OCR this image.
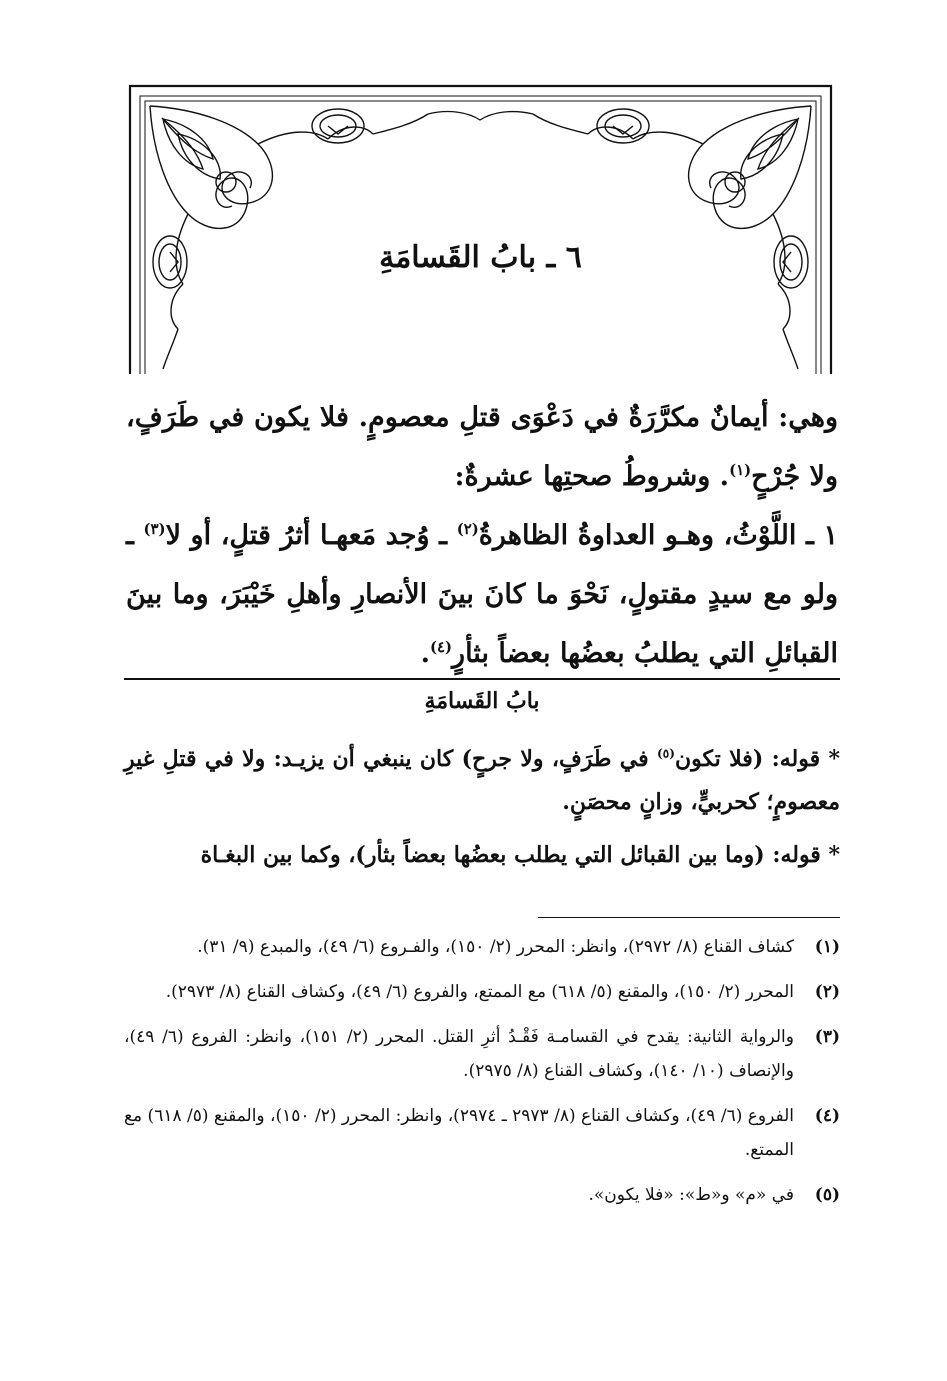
٦ ـ بابُ القَسامَةِ

وهي: أيمانٌ مكرَّرَةٌ في دَعْوَى قتلِ معصومٍ. فلا يكون في طَرَفٍ، ولا جُرْحٍ$^{(١)}$. وشروطُ صحتِها عشرةٌ:

١ ـ اللَّوْثُ، وهـو العداوةُ الظاهرةُ$^{(٢)}$ ـ وُجد مَعهـا أثرُ قتلٍ، أو لا$^{(٣)}$ ـ ولو مع سيدٍ مقتولٍ، نَحْوَ ما كانَ بينَ الأنصارِ وأهلِ خَيْبَرَ، وما بينَ القبائلِ التي يطلبُ بعضُها بعضاً بثأرٍ$^{(٤)}$.

بابُ القَسامَةِ

* قوله: (فلا تكون$^{(٥)}$ في طَرَفٍ، ولا جرحٍ) كان ينبغي أن يزيـد: ولا في قتلِ غيرِ معصومٍ؛ كحربيٍّ، وزانٍ محصَنٍ.

* قوله: (وما بين القبائل التي يطلب بعضُها بعضاً بثأر)، وكما بين البغـاة

(١)
كشاف القناع (٨/ ٢٩٧٢)، وانظر: المحرر (٢/ ١٥٠)، والفـروع (٦/ ٤٩)، والمبدع (٩/ ٣١).
(٢)
المحرر (٢/ ١٥٠)، والمقنع (٥/ ٦١٨) مع الممتع، والفروع (٦/ ٤٩)، وكشاف القناع (٨/ ٢٩٧٣).
(٣)
والرواية الثانية: يقدح في القسامـة فَقْـدُ أثرِ القتل. المحرر (٢/ ١٥١)، وانظر: الفروع (٦/ ٤٩)، والإنصاف (١٠/ ١٤٠)، وكشاف القناع (٨/ ٢٩٧٥).
(٤)
الفروع (٦/ ٤٩)، وكشاف القناع (٨/ ٢٩٧٣ ـ ٢٩٧٤)، وانظر: المحرر (٢/ ١٥٠)، والمقنع (٥/ ٦١٨) مع الممتع.
(٥)
في «م» و«ط»: «فلا يكون».
